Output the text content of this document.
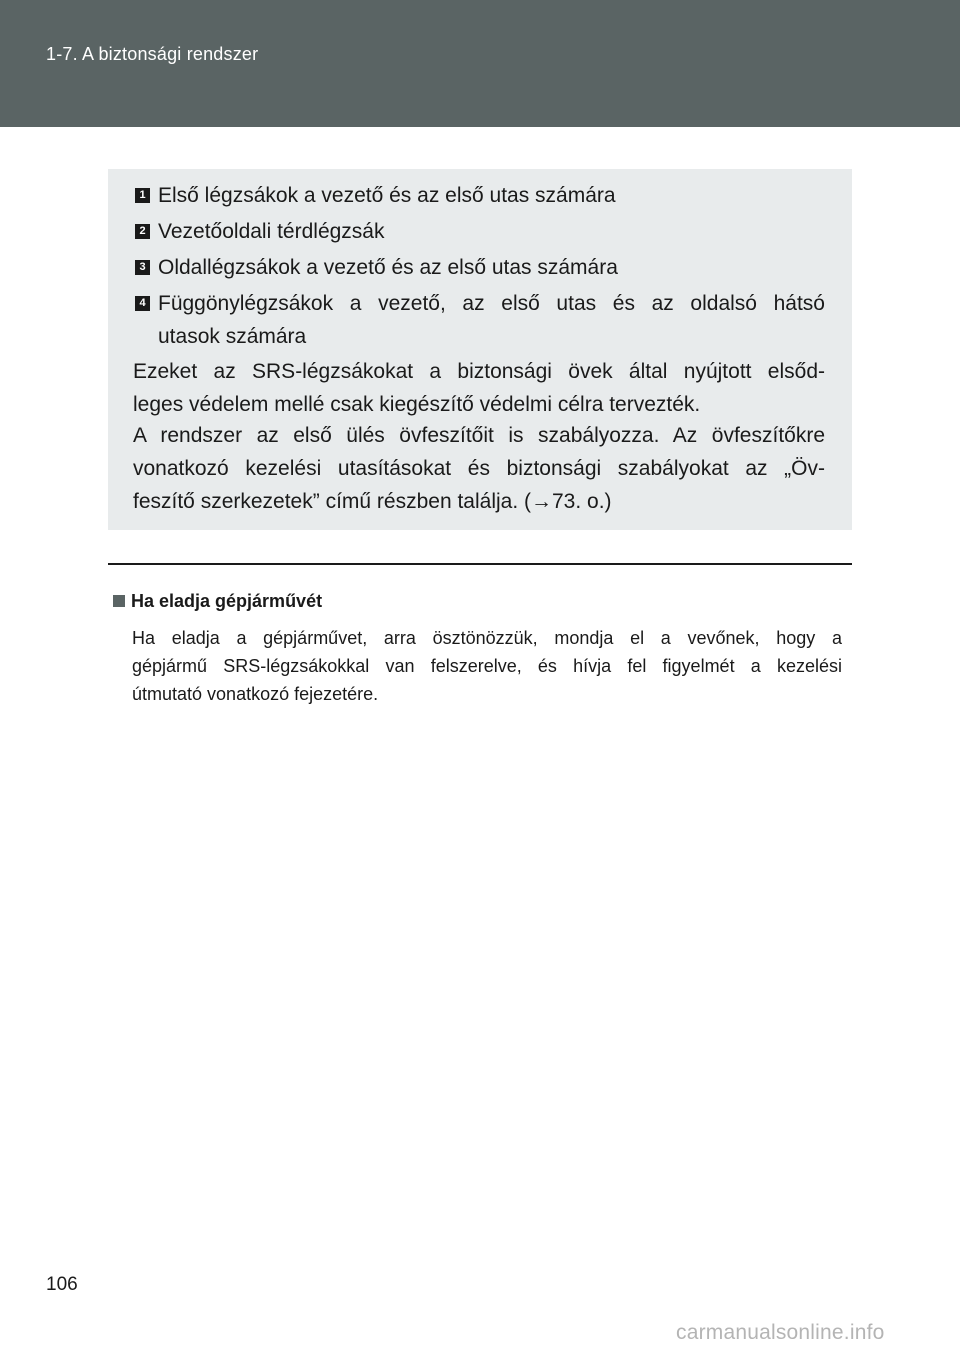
1-7. A biztonsági rendszer
1 Első légzsákok a vezető és az első utas számára
2 Vezetőoldali térdlégzsák
3 Oldallégzsákok a vezető és az első utas számára
4 Függönylégzsákok a vezető, az első utas és az oldalsó hátsó
utasok számára
Ezeket az SRS-légzsákokat a biztonsági övek által nyújtott elsőd-
leges védelem mellé csak kiegészítő védelmi célra tervezték.
A rendszer az első ülés övfeszítőit is szabályozza. Az övfeszítőkre
vonatkozó kezelési utasításokat és biztonsági szabályokat az „Öv-
feszítő szerkezetek” című részben találja. (→73. o.)
Ha eladja gépjárművét
Ha eladja a gépjárművet, arra ösztönözzük, mondja el a vevőnek, hogy a
gépjármű SRS-légzsákokkal van felszerelve, és hívja fel figyelmét a kezelési
útmutató vonatkozó fejezetére.
106
carmanualsonline.info
